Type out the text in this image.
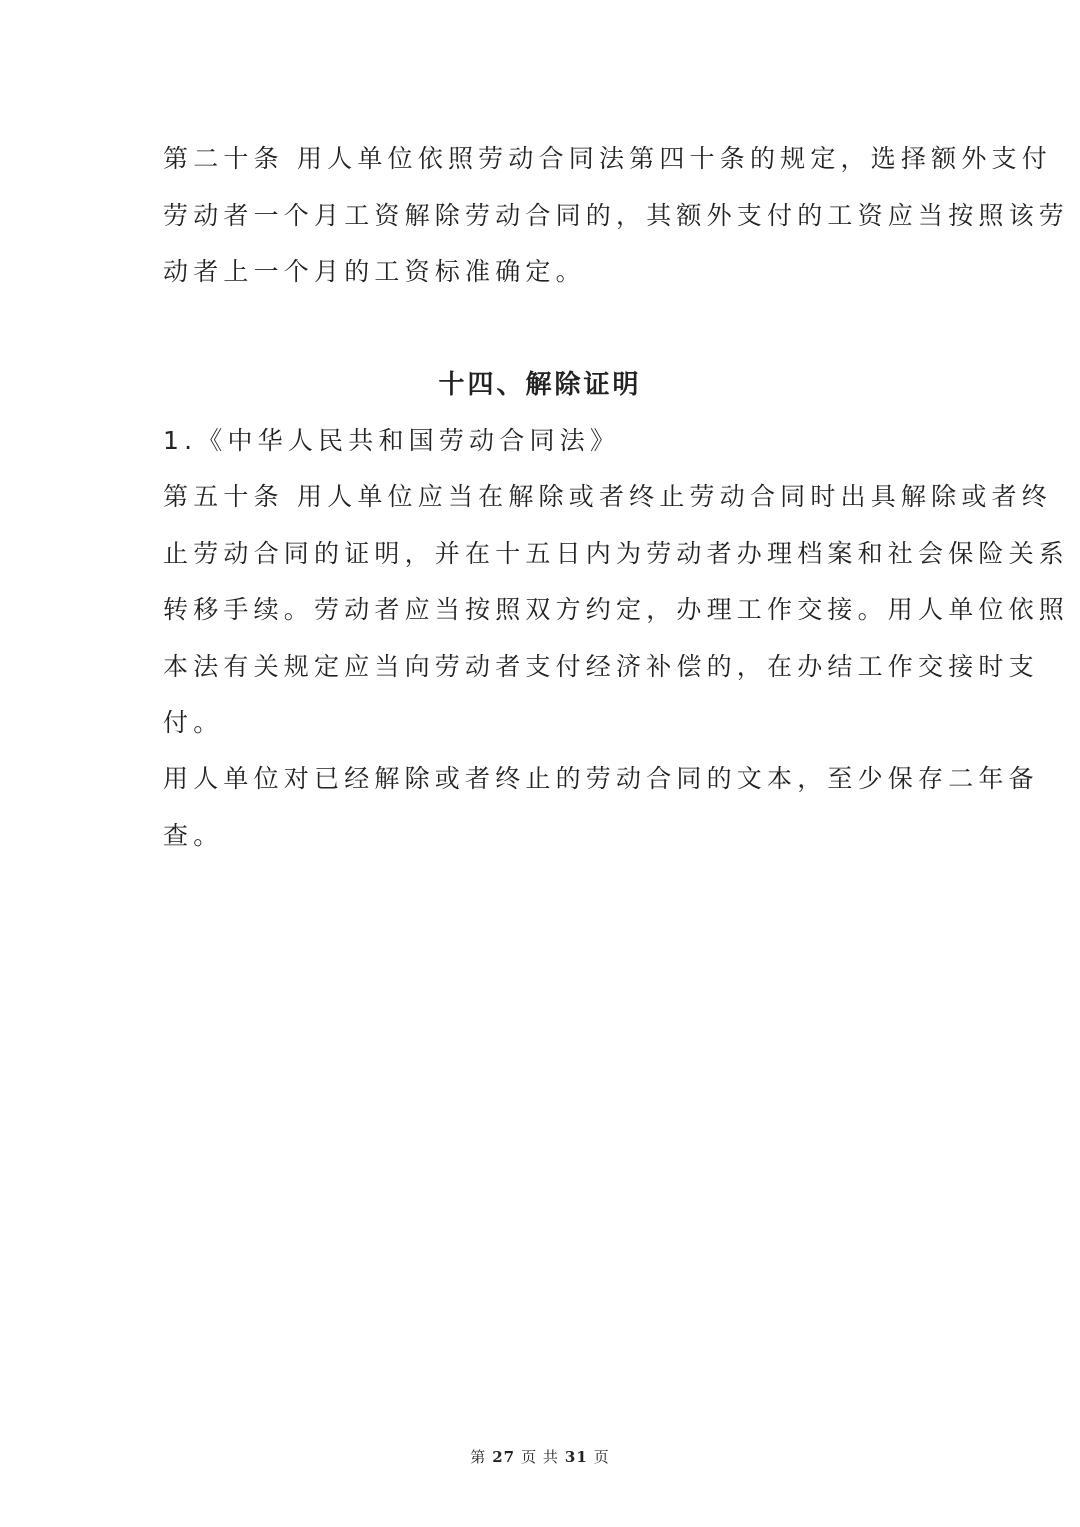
第二十条 用人单位依照劳动合同法第四十条的规定，选择额外支付
劳动者一个月工资解除劳动合同的，其额外支付的工资应当按照该劳
动者上一个月的工资标准确定。
十四、解除证明
1.《中华人民共和国劳动合同法》
第五十条 用人单位应当在解除或者终止劳动合同时出具解除或者终
止劳动合同的证明，并在十五日内为劳动者办理档案和社会保险关系
转移手续。劳动者应当按照双方约定，办理工作交接。用人单位依照
本法有关规定应当向劳动者支付经济补偿的，在办结工作交接时支
付。
用人单位对已经解除或者终止的劳动合同的文本，至少保存二年备
查。
第 27 页 共 31 页
